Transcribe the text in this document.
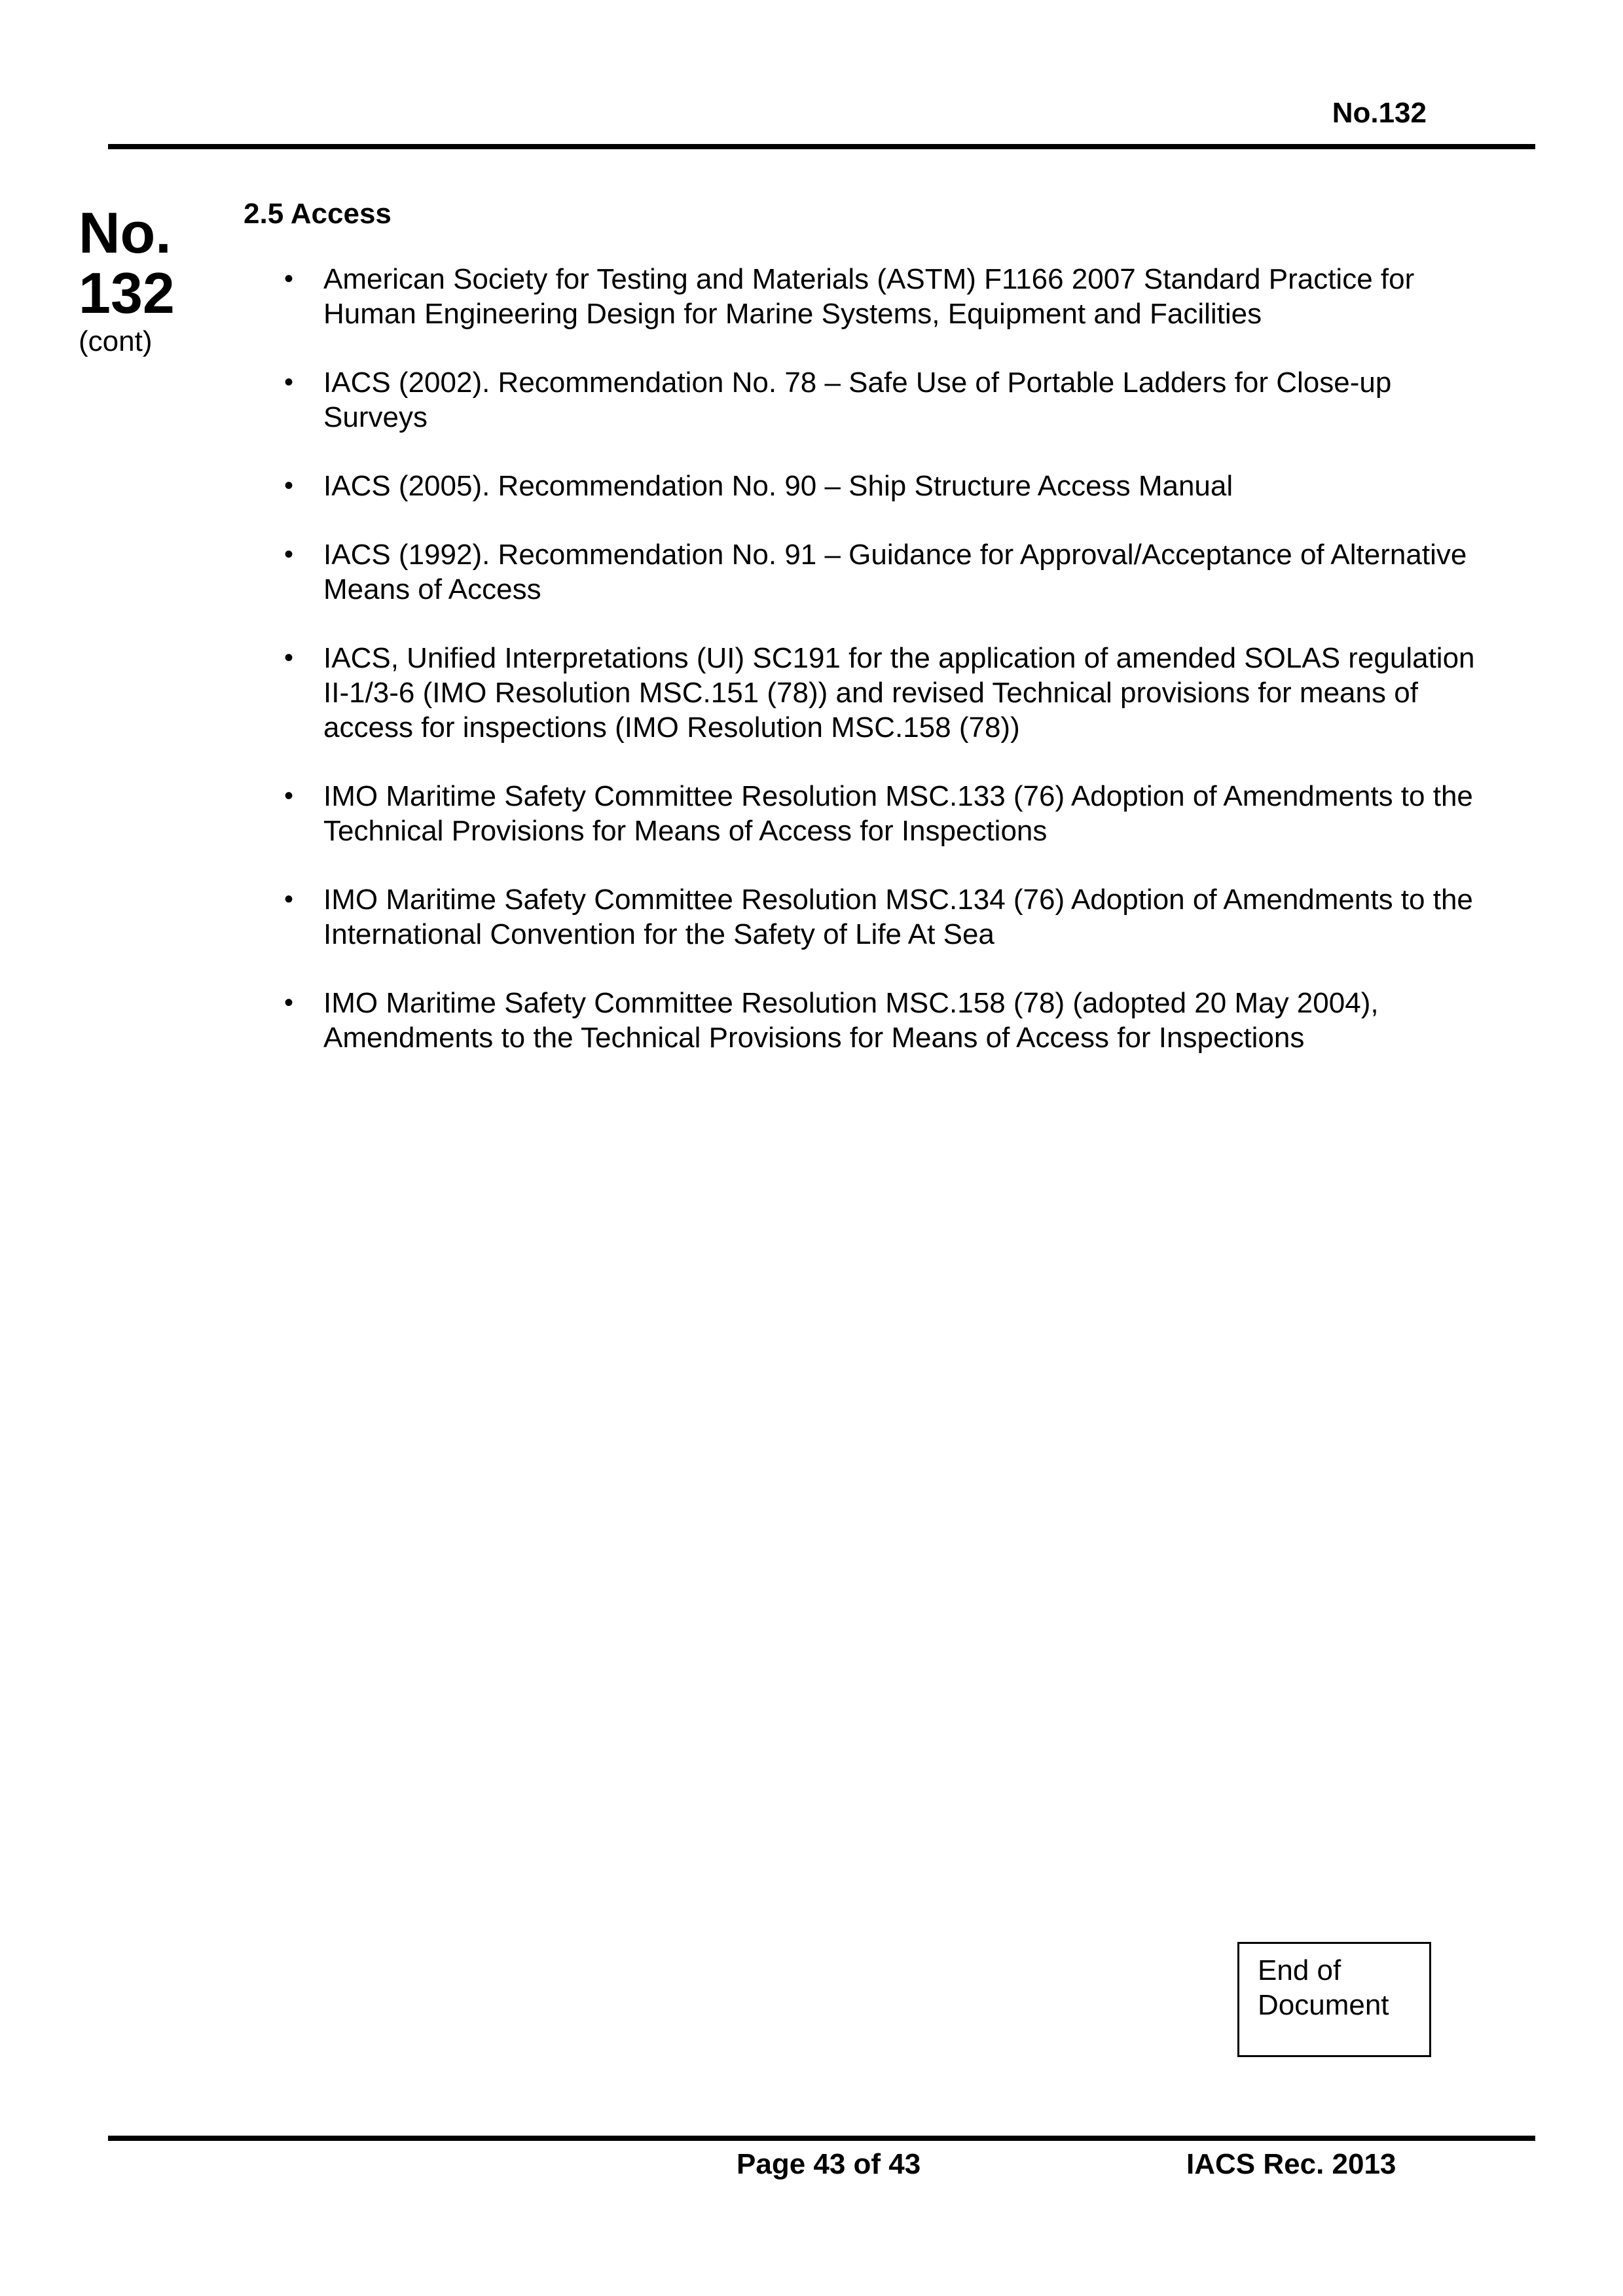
No.132
No.
132
(cont)
2.5 Access
• American Society for Testing and Materials (ASTM) F1166 2007 Standard Practice for Human Engineering Design for Marine Systems, Equipment and Facilities
• IACS (2002). Recommendation No. 78 – Safe Use of Portable Ladders for Close-up Surveys
• IACS (2005). Recommendation No. 90 – Ship Structure Access Manual
• IACS (1992). Recommendation No. 91 – Guidance for Approval/Acceptance of Alternative Means of Access
• IACS, Unified Interpretations (UI) SC191 for the application of amended SOLAS regulation II-1/3-6 (IMO Resolution MSC.151 (78)) and revised Technical provisions for means of access for inspections (IMO Resolution MSC.158 (78))
• IMO Maritime Safety Committee Resolution MSC.133 (76) Adoption of Amendments to the Technical Provisions for Means of Access for Inspections
• IMO Maritime Safety Committee Resolution MSC.134 (76) Adoption of Amendments to the International Convention for the Safety of Life At Sea
• IMO Maritime Safety Committee Resolution MSC.158 (78) (adopted 20 May 2004), Amendments to the Technical Provisions for Means of Access for Inspections
End of
Document
Page 43 of 43	IACS Rec. 2013
